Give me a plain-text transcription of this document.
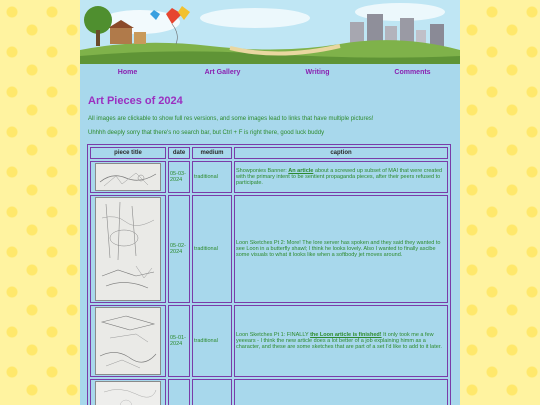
Home	Art Gallery	Writing	Comments
Art Pieces of 2024

All images are clickable to show full res versions, and some images lead to links that have multiple pictures!

Uhhhh deeply sorry that there's no search bar, but Ctrl + F is right there, good luck buddy

piece title	date	medium	caption

	05-03-2024	traditional	Showponies Banner: An article about a screwed up subset of MAI that were created with the primary intent to be sentient propaganda pieces, after their peers refused to participate.

	05-02-2024	traditional	Loon Sketches Pt 2: More! The lore server has spoken and they said they wanted to see Loon in a butterfly shawl; I think he looks lovely. Also I wanted to finally ascibe some visuals to what it looks like when a softbody jet moves around.

	05-01-2024	traditional	Loon Sketches Pt 1: FINALLY the Loon article is finished! It only took me a few yeeears - I think the new article does a lot better of a job explaining himm as a character, and these are some sketches that are part of a set I'd like to add to it later.
